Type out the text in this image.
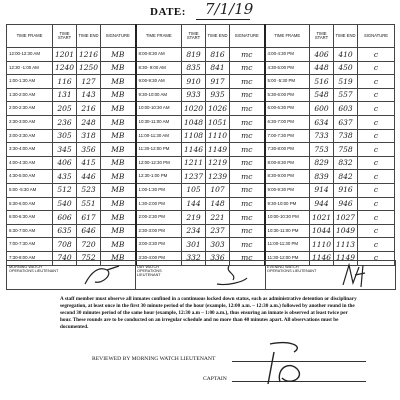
DATE: 7/1/19
TIME FRAME	TIME START	TIME END	SIGNATURE	TIME FRAME	TIME START	TIME END	SIGNATURE	TIME FRAME	TIME START	TIME END	SIGNATURE
12:00-12:30 AM	1201	1216	MB	8:00-8:30 AM	819	816	mc	4:00-4:30 PM	406	410	c
12:30 -1:00 AM	1240	1250	MB	8:30- 9:00 AM	835	841	mc	4:30-5:00 PM	448	450	c
1:00-1:30 AM	116	127	MB	9:00-9:30 AM	910	917	mc	5:00 -5:30 PM	516	519	c
1:30-2:00 AM	131	143	MB	9:30-10:00 AM	933	935	mc	5:30-6:00 PM	548	557	c
2:00-2:30 AM	205	216	MB	10:00-10:30 AM	1020	1026	mc	6:00-6:30 PM	600	603	c
2:30-3:00 AM	236	248	MB	10:30-11:00 AM	1048	1051	mc	6:30-7:00 PM	634	637	c
3:00-3:30 AM	305	318	MB	11:00-11:30 AM	1108	1110	mc	7:00-7:30 PM	733	738	c
3:30-4:00 AM	345	356	MB	11:30-12:00 PM	1146	1149	mc	7:30-8:00 PM	753	758	c
4:00-4:30 AM	406	415	MB	12:00-12:30 PM	1211	1219	mc	8:00-8:30 PM	829	832	c
4:30-5:00 AM	435	446	MB	12:30-1:00 PM	1237	1239	mc	8:30-9:00 PM	839	842	c
5:00 -5:30 AM	512	523	MB	1:00-1:30 PM	105	107	mc	9:00-9:30 PM	914	916	c
5:30-6:00 AM	540	551	MB	1:30-2:00 PM	144	148	mc	9:30-10:00 PM	944	946	c
6:00-6:30 AM	606	617	MB	2:00-2:30 PM	219	221	mc	10:00-10:30 PM	1021	1027	c
6:30-7:00 AM	635	646	MB	2:30-3:00 PM	234	237	mc	10:30-11:00 PM	1044	1049	c
7:00-7:30 AM	708	720	MB	3:00-3:30 PM	301	303	mc	11:00-11:30 PM	1110	1113	c
7:30-8:00 AM	740	752	MB	3:30-4:00 PM	332	336	mc	11:30-12:00 PM	1146	1149	c
MORNING WATCH OPERATIONS LIEUTENANT
DAY WATCH OPERATIONS LIEUTENANT
EVENING WATCH OPERATIONS LIEUTENANT
A staff member must observe all inmates confined in a continuous locked down status, such as administrative detention or disciplinary segregation, at least once in the first 30 minute period of the hour (example, 12:00 a.m. – 12:30 a.m.) followed by another round in the second 30 minutes period of the same hour (example, 12:30 a.m – 1:00 a.m.), thus ensuring an inmate is observed at least twice per hour. These rounds are to be conducted on an irregular schedule and no more than 40 minutes apart. All observations must be documented.
REVIEWED BY MORNING WATCH LIEUTENANT
CAPTAIN
